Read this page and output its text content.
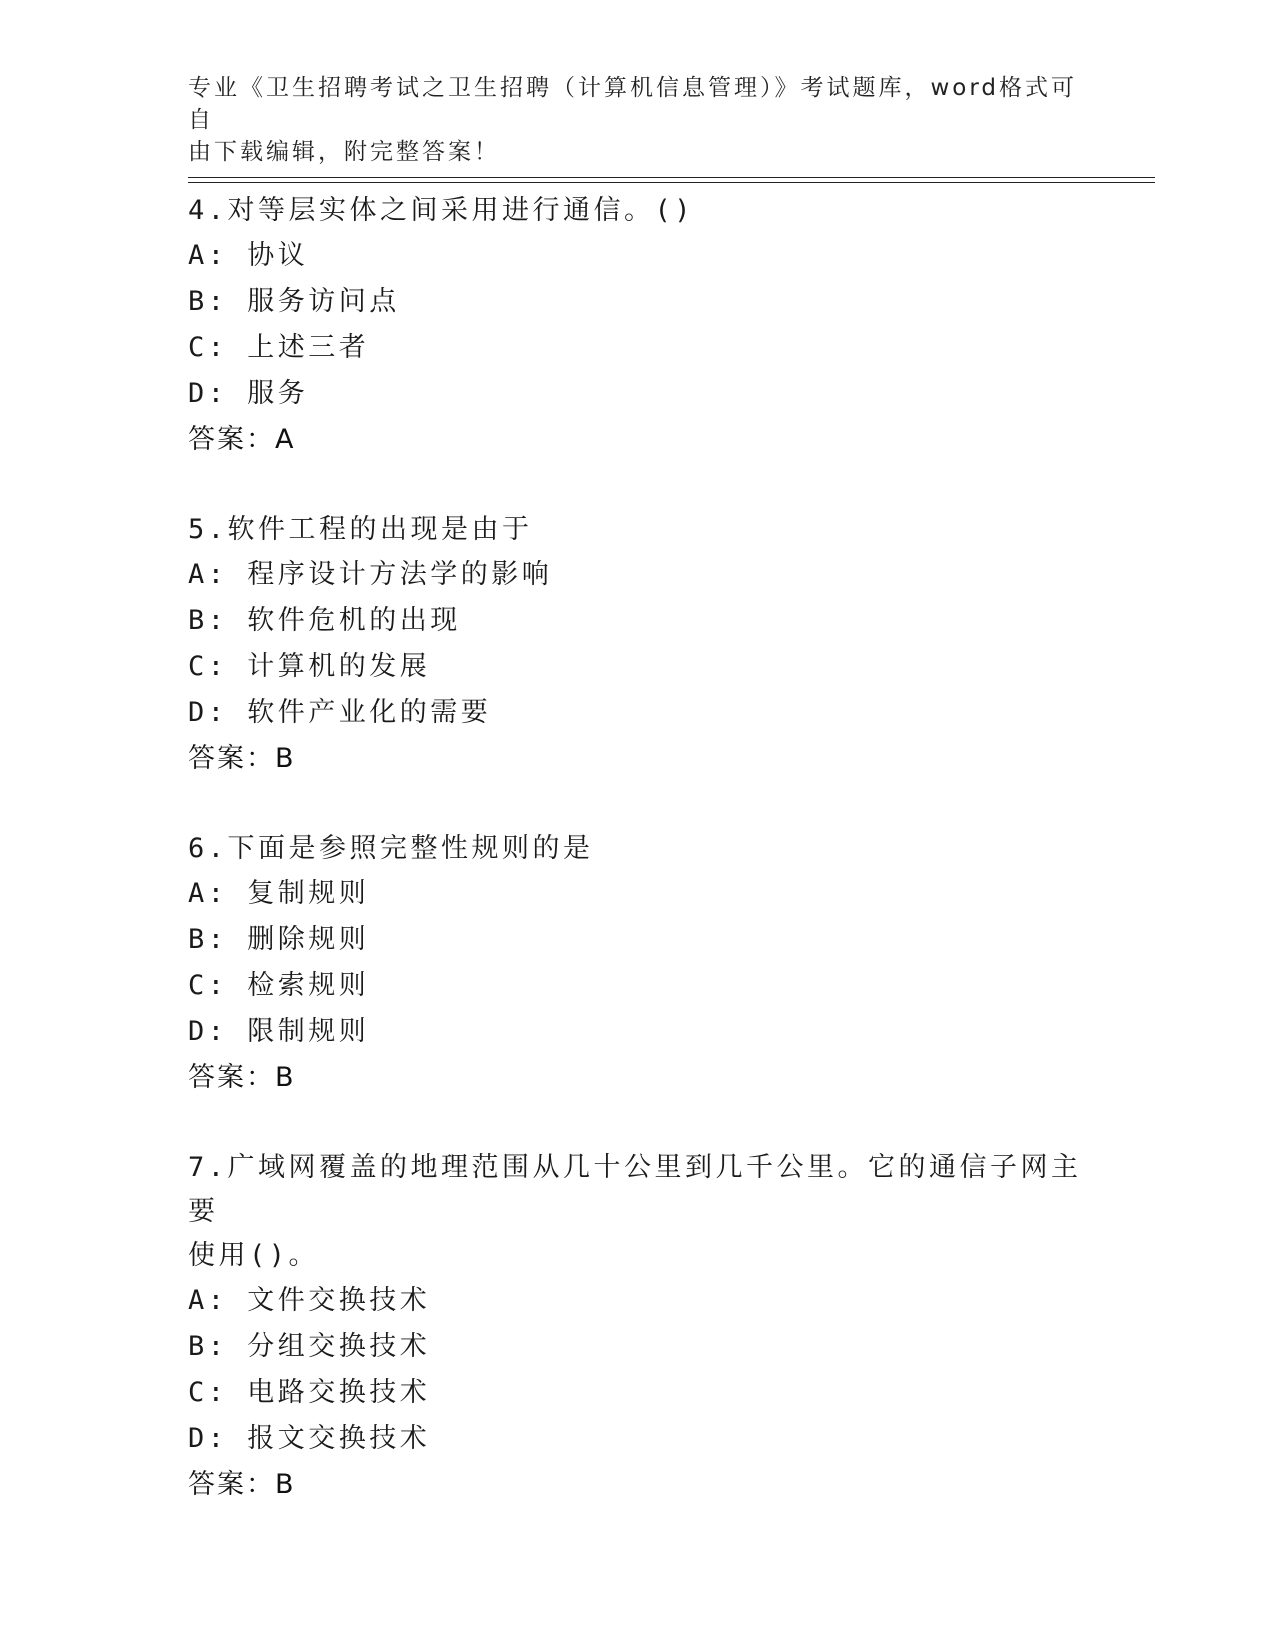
专业《卫生招聘考试之卫生招聘（计算机信息管理）》考试题库，word格式可自
由下载编辑，附完整答案！
4.对等层实体之间采用进行通信。()
A: 协议
B: 服务访问点
C: 上述三者
D: 服务
答案：A
5.软件工程的出现是由于
A: 程序设计方法学的影响
B: 软件危机的出现
C: 计算机的发展
D: 软件产业化的需要
答案：B
6.下面是参照完整性规则的是
A: 复制规则
B: 删除规则
C: 检索规则
D: 限制规则
答案：B
7.广域网覆盖的地理范围从几十公里到几千公里。它的通信子网主要
使用()。
A: 文件交换技术
B: 分组交换技术
C: 电路交换技术
D: 报文交换技术
答案：B
